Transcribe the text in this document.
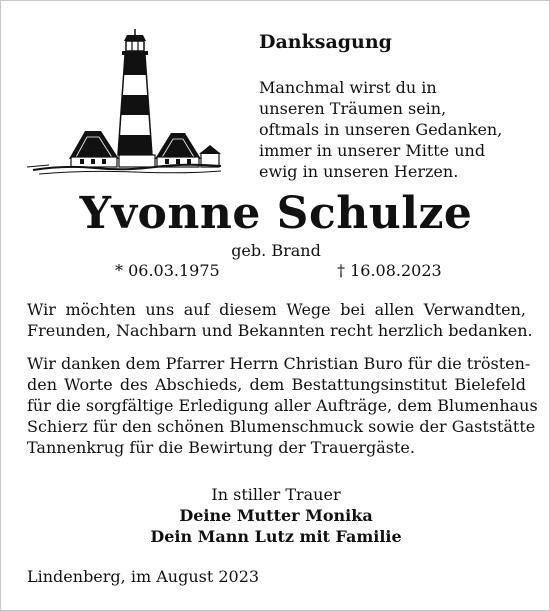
Danksagung
Manchmal wirst du in
unseren Träumen sein,
oftmals in unseren Gedanken,
immer in unserer Mitte und
ewig in unseren Herzen.
Yvonne Schulze
geb. Brand
* 06.03.1975	† 16.08.2023
Wir möchten uns auf diesem Wege bei allen Verwandten,
Freunden, Nachbarn und Bekannten recht herzlich bedanken.
Wir danken dem Pfarrer Herrn Christian Buro für die trösten-
den Worte des Abschieds, dem Bestattungsinstitut Bielefeld
für die sorgfältige Erledigung aller Aufträge, dem Blumenhaus
Schierz für den schönen Blumenschmuck sowie der Gaststätte
Tannenkrug für die Bewirtung der Trauergäste.
In stiller Trauer
Deine Mutter Monika
Dein Mann Lutz mit Familie
Lindenberg, im August 2023
